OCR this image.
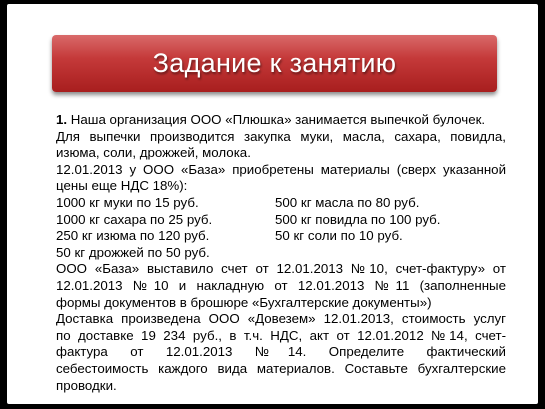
Задание к занятию
1. Наша организация ООО «Плюшка» занимается выпечкой булочек.
Для выпечки производится закупка муки, масла, сахара, повидла,
изюма, соли, дрожжей, молока.
12.01.2013 у ООО «База» приобретены материалы (сверх указанной
цены еще НДС 18%):
1000 кг муки по 15 руб.	500 кг масла по 80 руб.
1000 кг сахара по 25 руб.	500 кг повидла по 100 руб.
250 кг изюма по 120 руб.	50 кг соли по 10 руб.
50 кг дрожжей по 50 руб.
ООО «База» выставило счет от 12.01.2013 №10, счет-фактуру» от
12.01.2013 №10 и накладную от 12.01.2013 №11 (заполненные
формы документов в брошюре «Бухгалтерские документы»)
Доставка произведена ООО «Довезем» 12.01.2013, стоимость услуг
по доставке 19 234 руб., в т.ч. НДС, акт от 12.01.2012 №14, счет-
фактура от 12.01.2013 №14. Определите фактический
себестоимость каждого вида материалов. Составьте бухгалтерские
проводки.
